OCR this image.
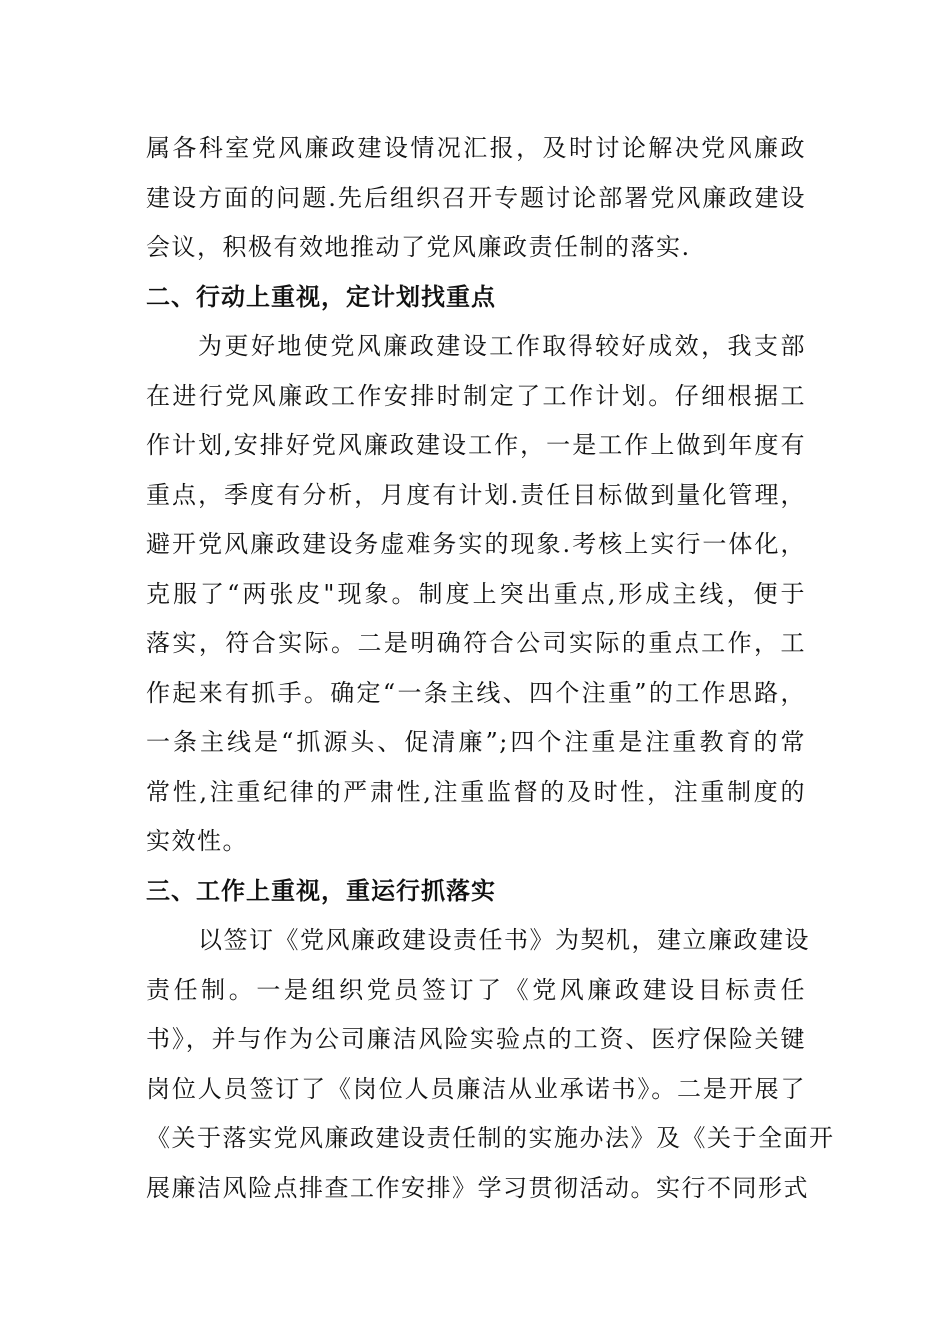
属各科室党风廉政建设情况汇报，及时讨论解决党风廉政
建设方面的问题.先后组织召开专题讨论部署党风廉政建设
会议，积极有效地推动了党风廉政责任制的落实.
二、行动上重视，定计划找重点
为更好地使党风廉政建设工作取得较好成效，我支部
在进行党风廉政工作安排时制定了工作计划。仔细根据工
作计划,安排好党风廉政建设工作，一是工作上做到年度有
重点，季度有分析，月度有计划.责任目标做到量化管理，
避开党风廉政建设务虚难务实的现象.考核上实行一体化，
克服了“两张皮"现象。制度上突出重点,形成主线，便于
落实，符合实际。二是明确符合公司实际的重点工作，工
作起来有抓手。确定“一条主线、四个注重”的工作思路，
一条主线是“抓源头、促清廉”;四个注重是注重教育的常
常性,注重纪律的严肃性,注重监督的及时性，注重制度的
实效性。
三、工作上重视，重运行抓落实
以签订《党风廉政建设责任书》为契机，建立廉政建设
责任制。一是组织党员签订了《党风廉政建设目标责任
书》，并与作为公司廉洁风险实验点的工资、医疗保险关键
岗位人员签订了《岗位人员廉洁从业承诺书》。二是开展了
《关于落实党风廉政建设责任制的实施办法》及《关于全面开
展廉洁风险点排查工作安排》学习贯彻活动。实行不同形式
